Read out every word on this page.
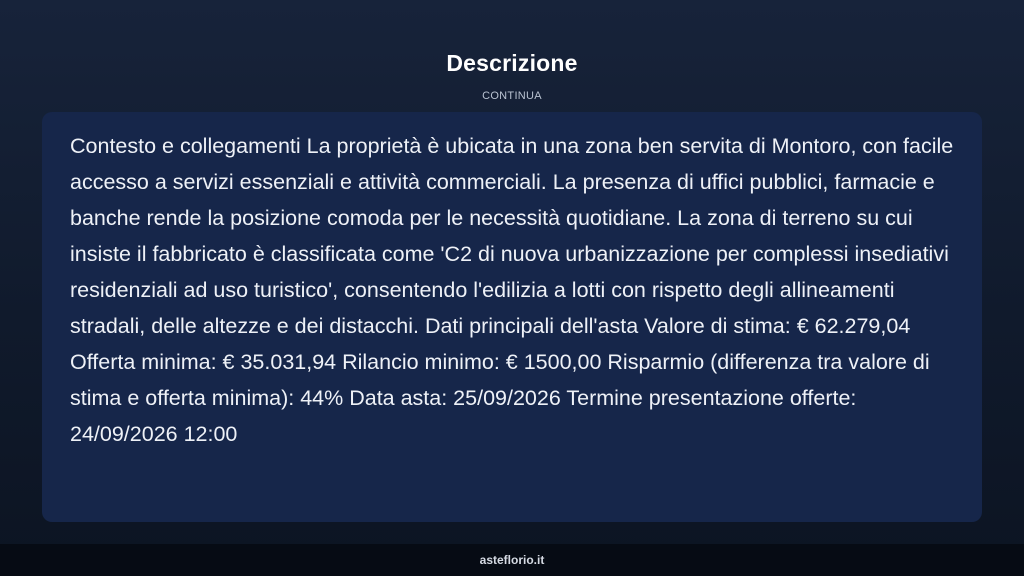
Descrizione
CONTINUA

Contesto e collegamenti La proprietà è ubicata in una zona ben servita di Montoro, con facile accesso a servizi essenziali e attività commerciali. La presenza di uffici pubblici, farmacie e banche rende la posizione comoda per le necessità quotidiane. La zona di terreno su cui insiste il fabbricato è classificata come 'C2 di nuova urbanizzazione per complessi insediativi residenziali ad uso turistico', consentendo l'edilizia a lotti con rispetto degli allineamenti stradali, delle altezze e dei distacchi. Dati principali dell'asta Valore di stima: € 62.279,04 Offerta minima: € 35.031,94 Rilancio minimo: € 1500,00 Risparmio (differenza tra valore di stima e offerta minima): 44% Data asta: 25/09/2026 Termine presentazione offerte: 24/09/2026 12:00

asteflorio.it
